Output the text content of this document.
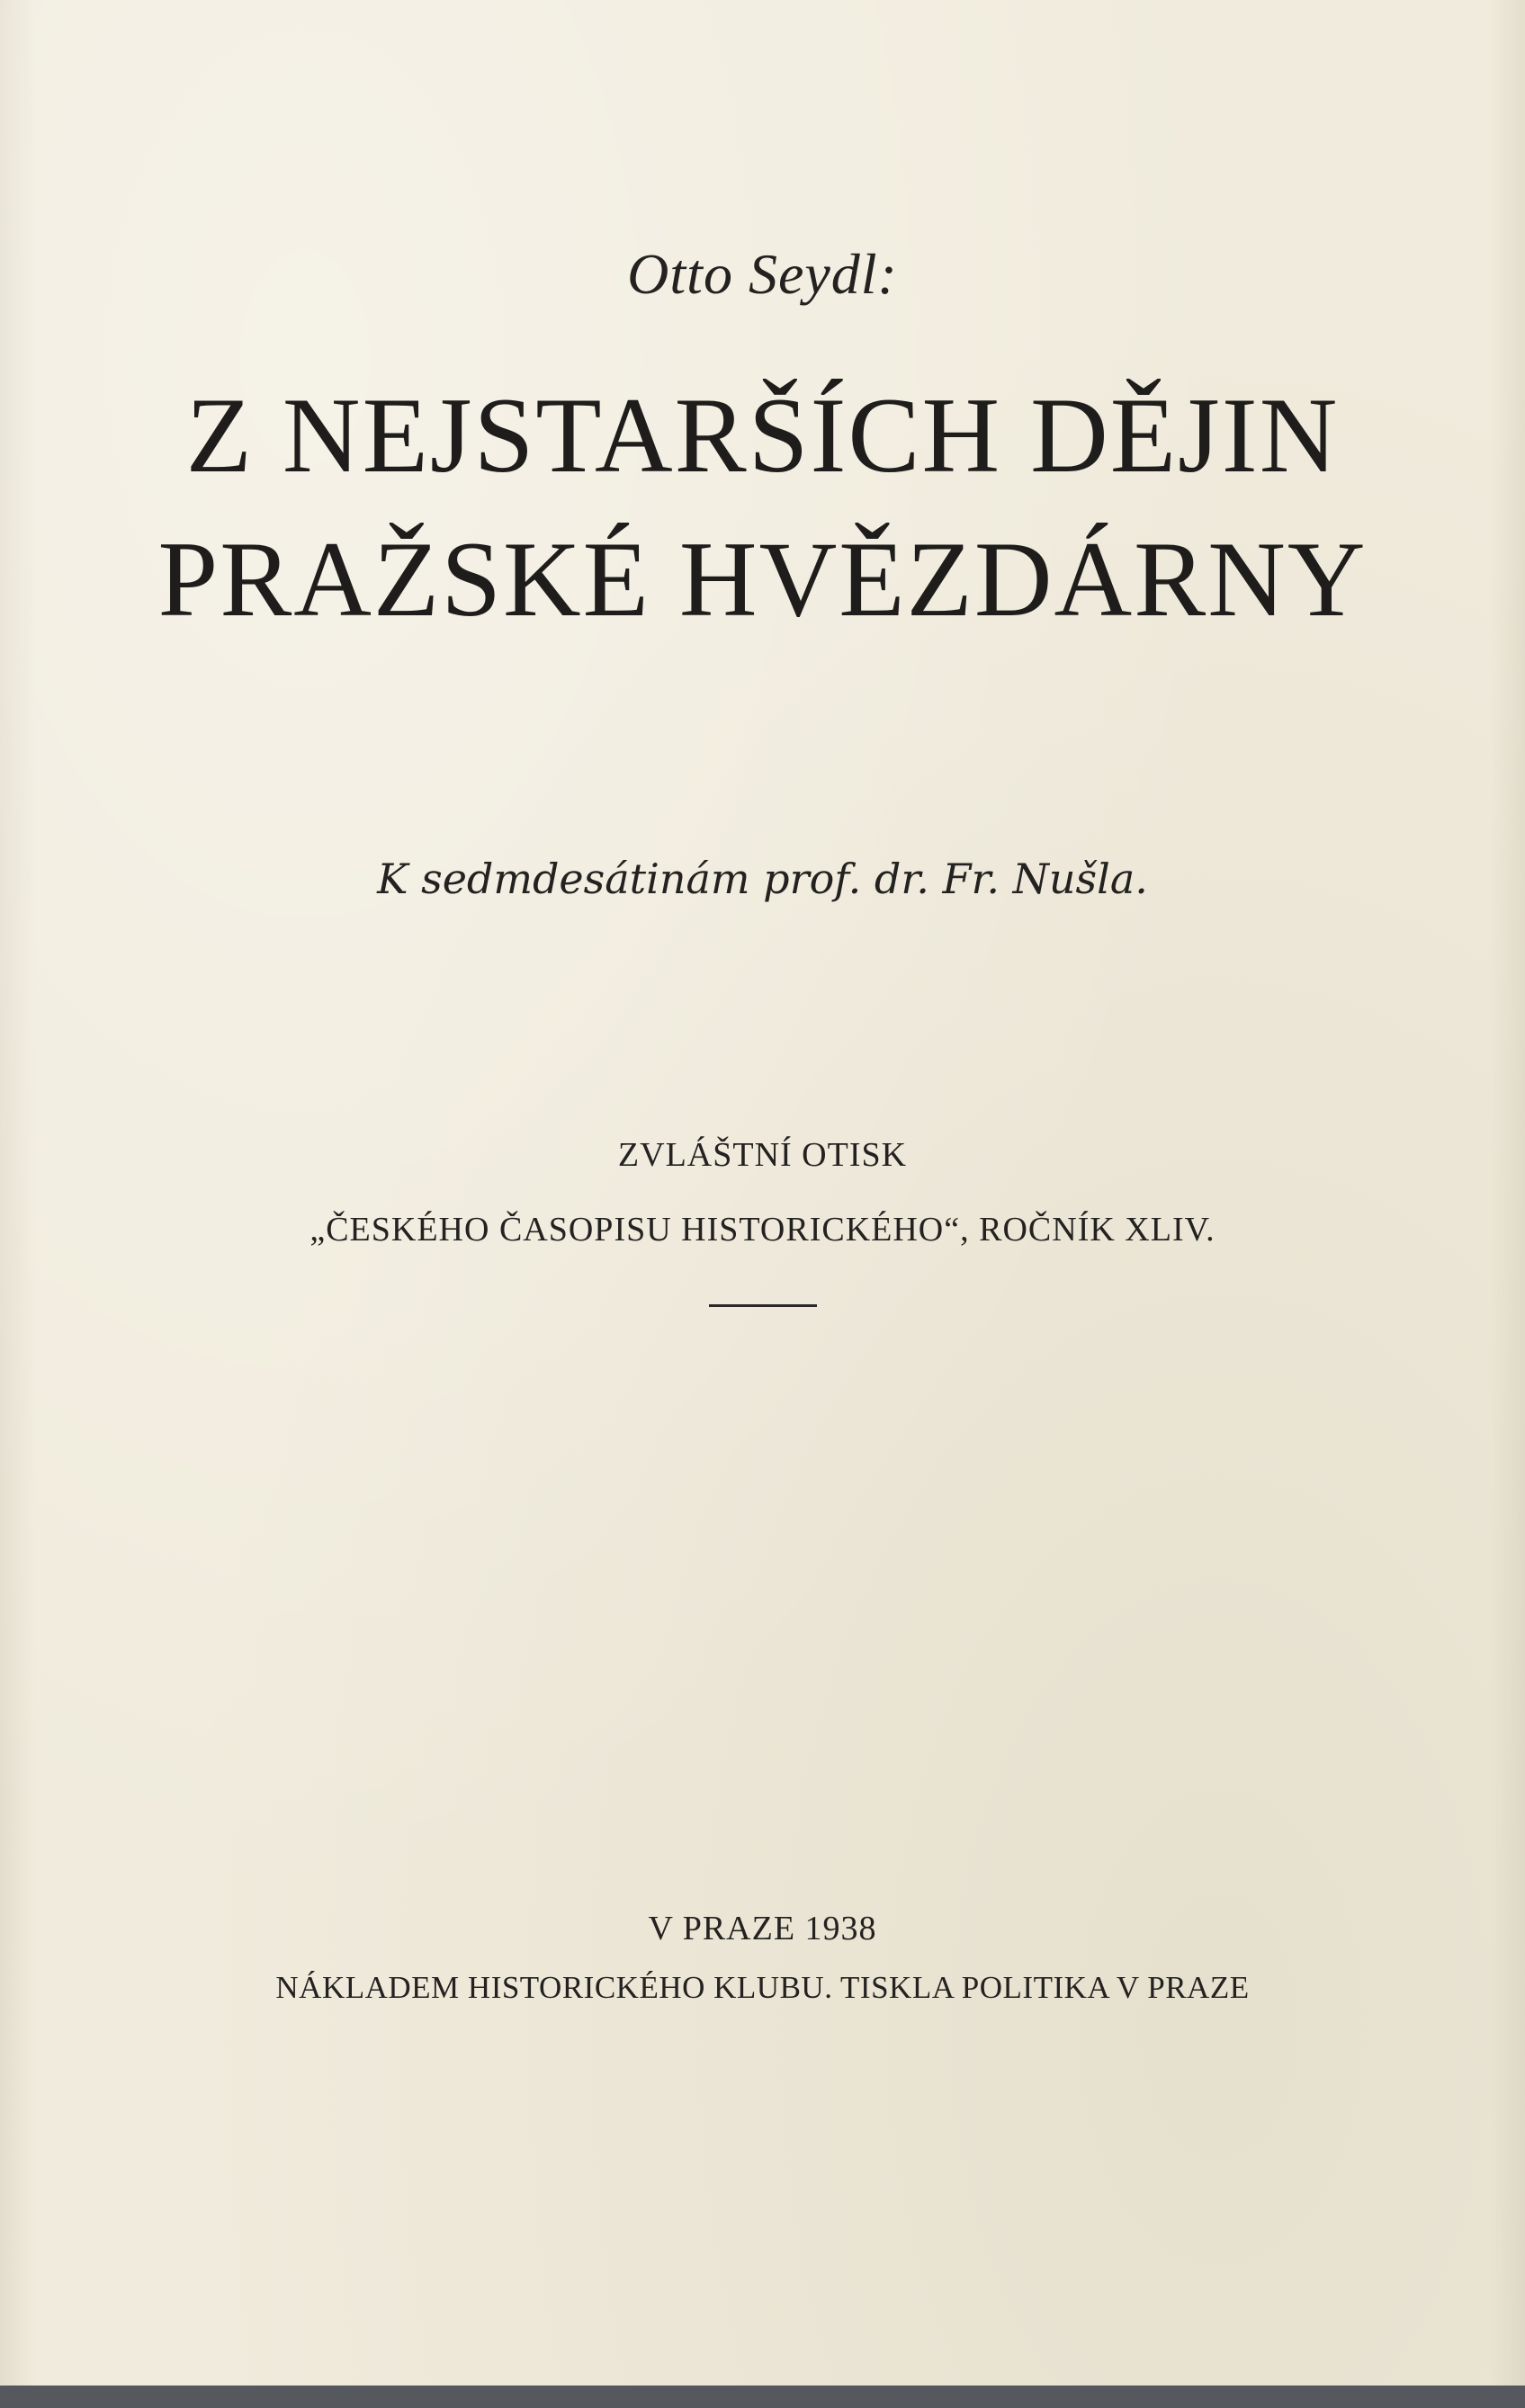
Otto Seydl:
Z NEJSTARŠÍCH DĚJIN
PRAŽSKÉ HVĚZDÁRNY
K sedmdesátinám prof. dr. Fr. Nušla.
ZVLÁŠTNÍ OTISK
„ČESKÉHO ČASOPISU HISTORICKÉHO“, ROČNÍK XLIV.
V PRAZE 1938
NÁKLADEM HISTORICKÉHO KLUBU. TISKLA POLITIKA V PRAZE
